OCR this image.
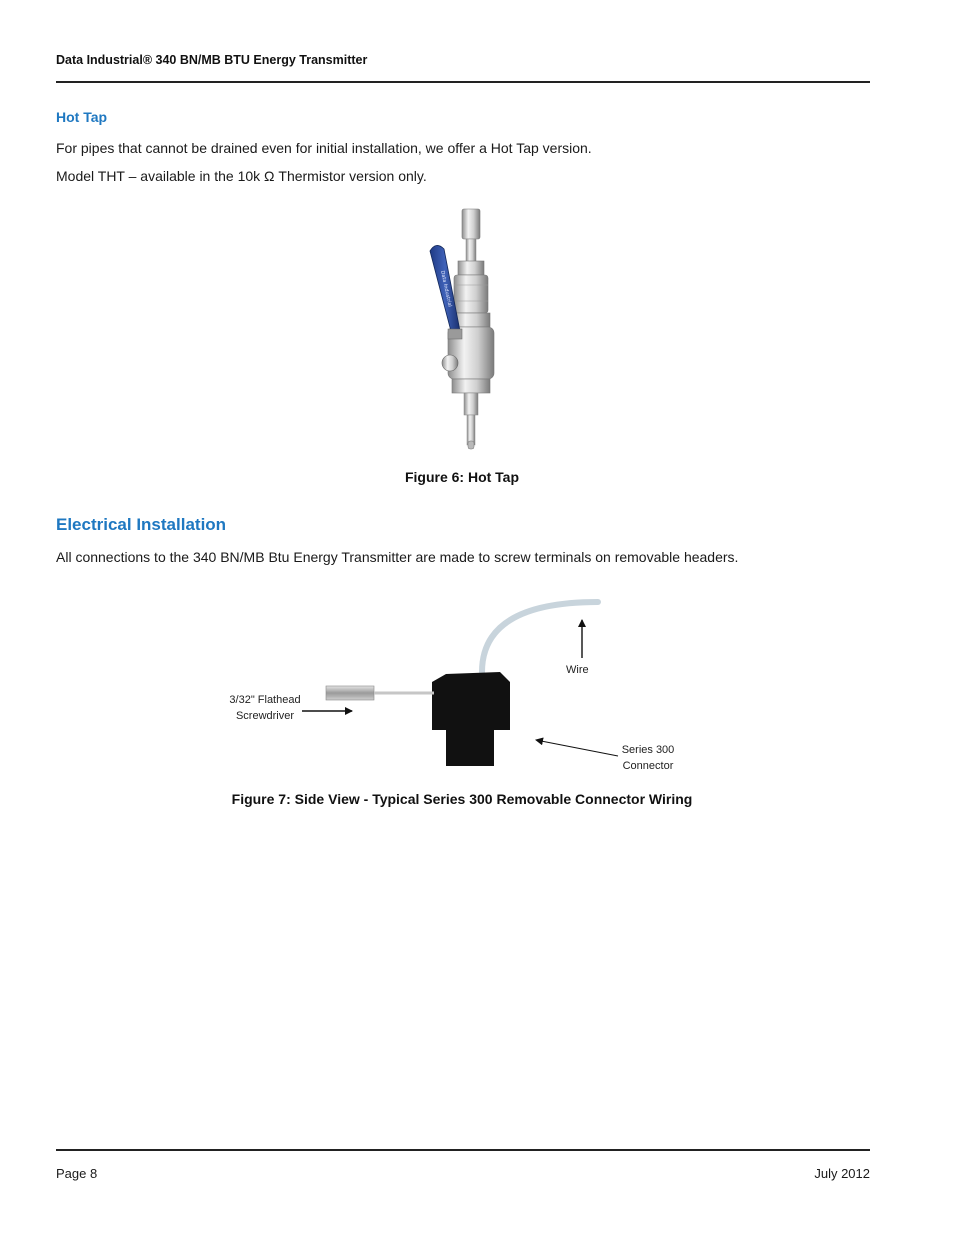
Data Industrial® 340 BN/MB BTU Energy Transmitter
Hot Tap
For pipes that cannot be drained even for initial installation, we offer a Hot Tap version.
Model THT – available in the 10k Ω Thermistor version only.
Data Industrial
Figure 6: Hot Tap
Electrical Installation
All connections to the 340 BN/MB Btu Energy Transmitter are made to screw terminals on removable headers.
Wire
3/32" Flathead
Screwdriver
Series 300
Connector
Figure 7: Side View - Typical Series 300 Removable Connector Wiring
Page 8	July 2012
